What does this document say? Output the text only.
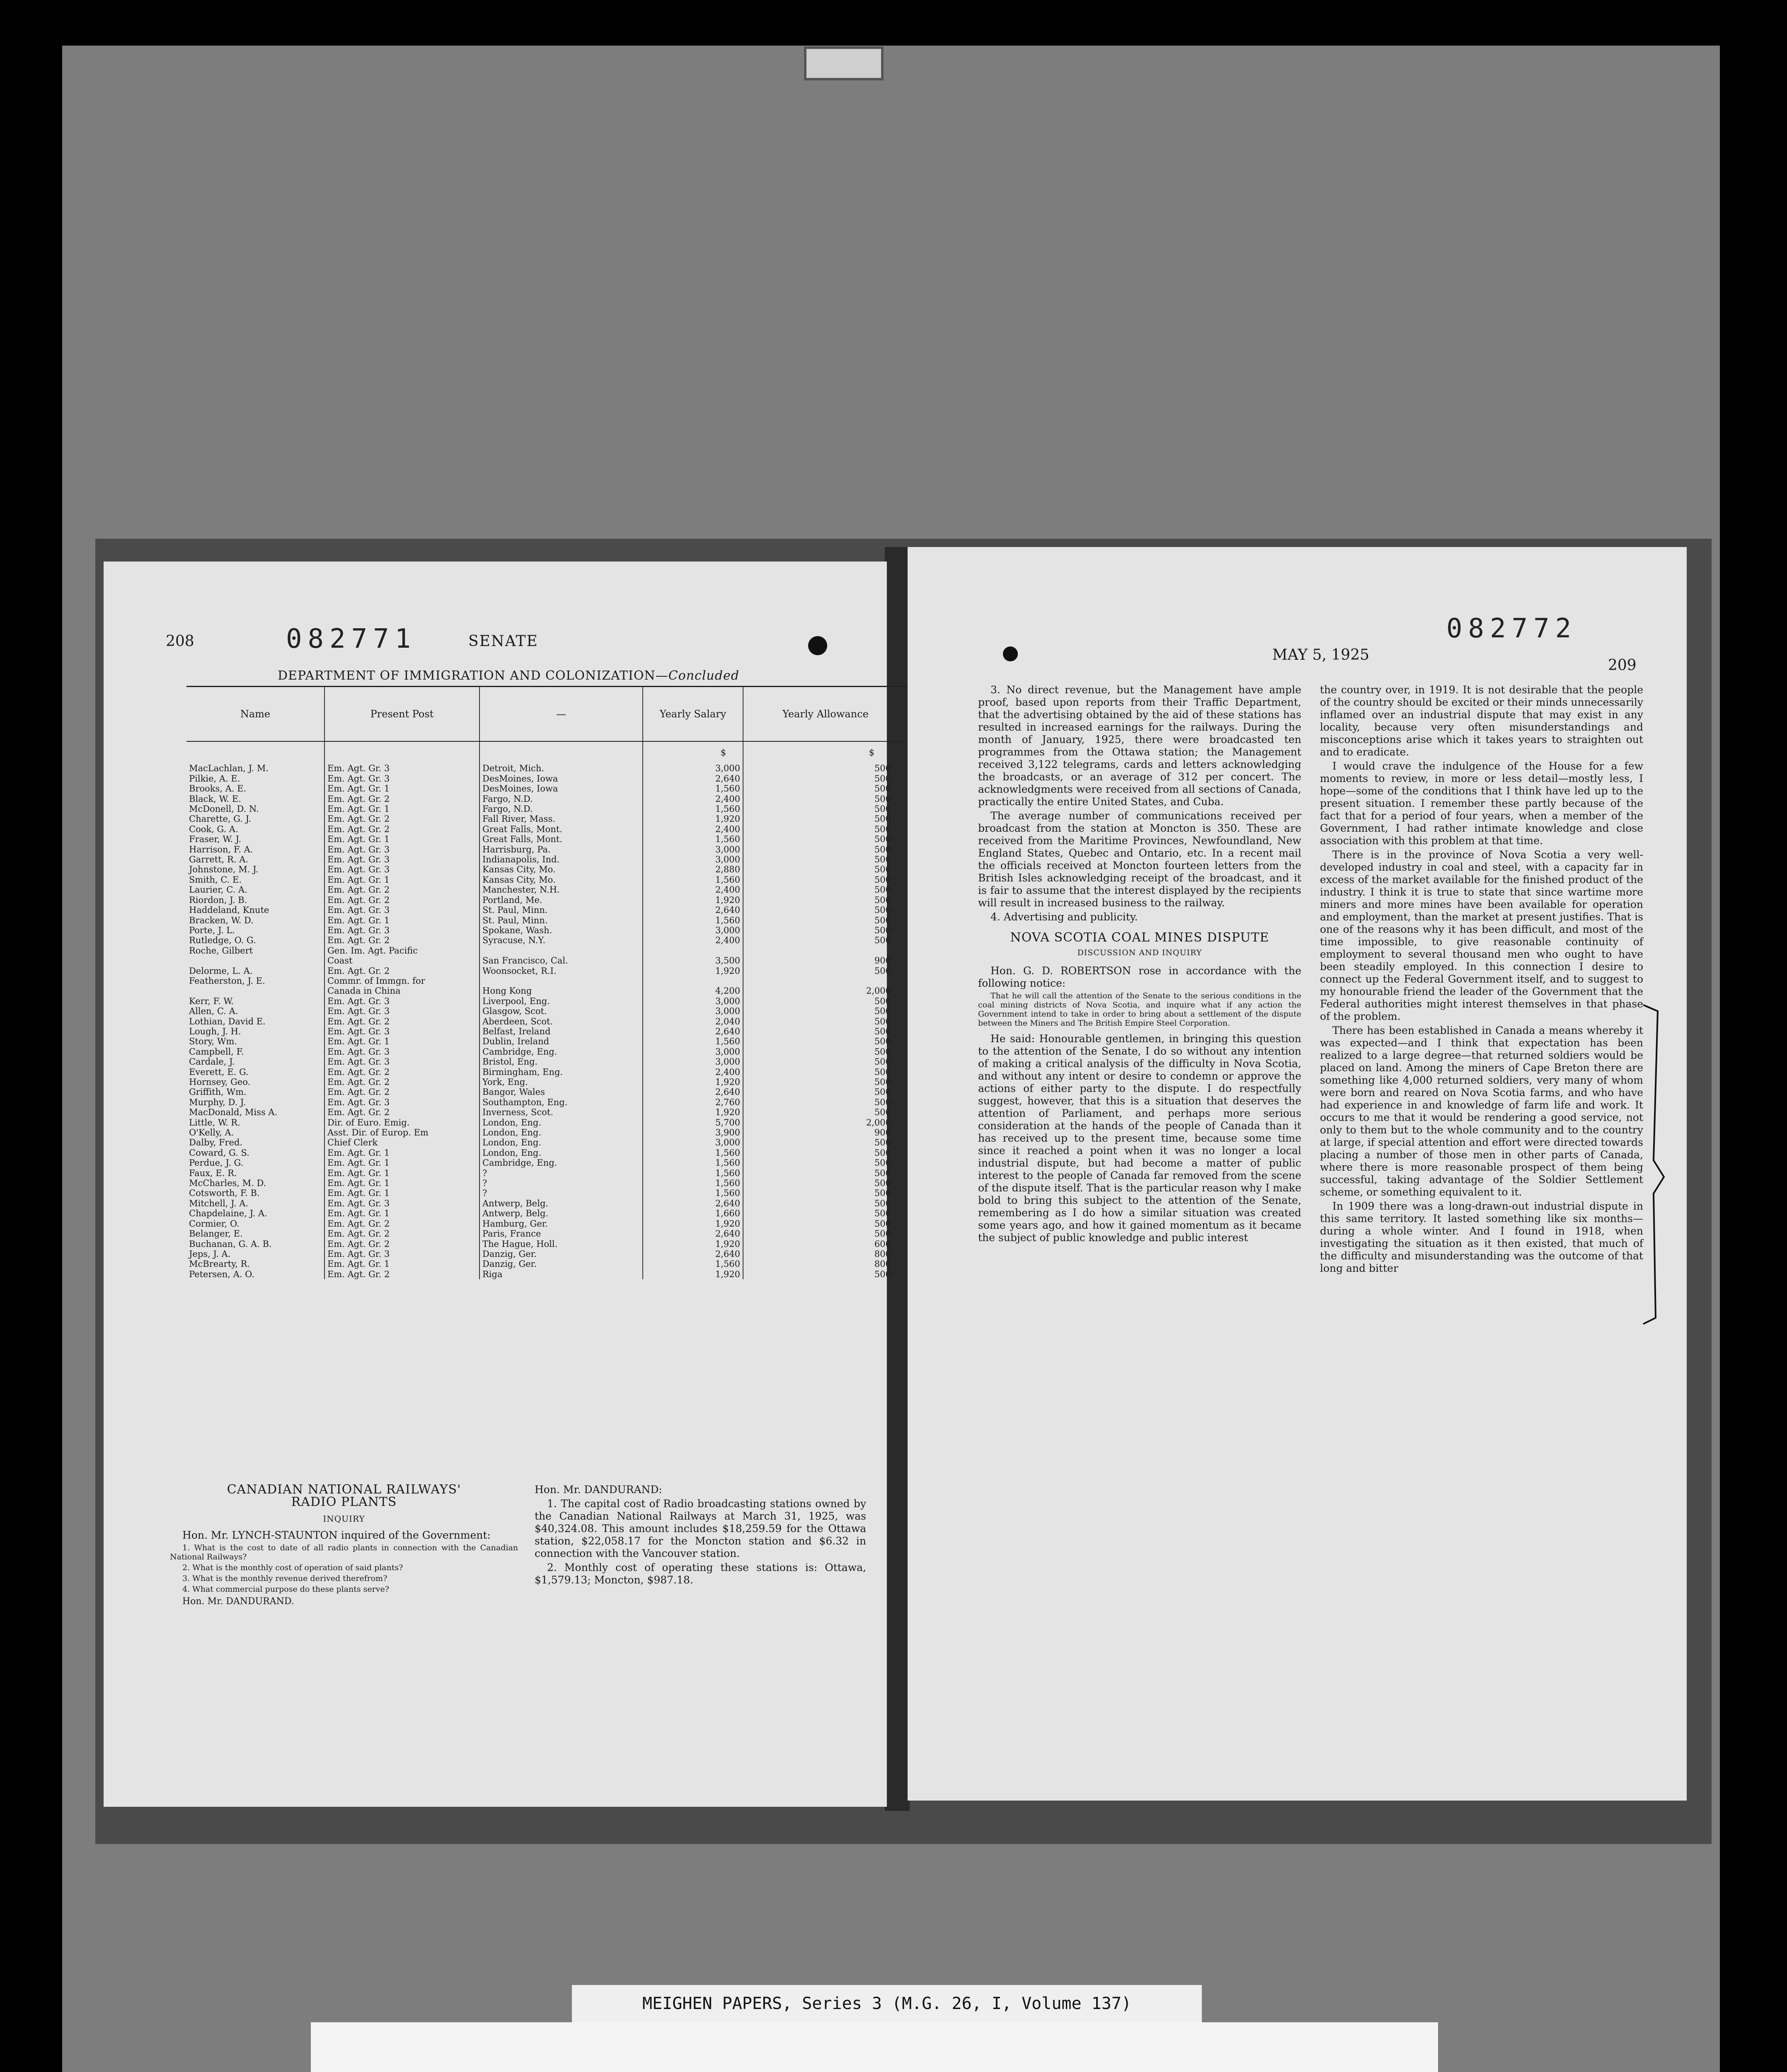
208	082771	SENATE
DEPARTMENT OF IMMIGRATION AND COLONIZATION—Concluded
Name	Present Post	—	Yearly Salary	Yearly Allowance
			$	$
MacLachlan, J. M.	Em. Agt. Gr. 3	Detroit, Mich.	3,000	500
Pilkie, A. E.	Em. Agt. Gr. 3	DesMoines, Iowa	2,640	500
Brooks, A. E.	Em. Agt. Gr. 1	DesMoines, Iowa	1,560	500
Black, W. E.	Em. Agt. Gr. 2	Fargo, N.D.	2,400	500
McDonell, D. N.	Em. Agt. Gr. 1	Fargo, N.D.	1,560	500
Charette, G. J.	Em. Agt. Gr. 2	Fall River, Mass.	1,920	500
Cook, G. A.	Em. Agt. Gr. 2	Great Falls, Mont.	2,400	500
Fraser, W. J.	Em. Agt. Gr. 1	Great Falls, Mont.	1,560	500
Harrison, F. A.	Em. Agt. Gr. 3	Harrisburg, Pa.	3,000	500
Garrett, R. A.	Em. Agt. Gr. 3	Indianapolis, Ind.	3,000	500
Johnstone, M. J.	Em. Agt. Gr. 3	Kansas City, Mo.	2,880	500
Smith, C. E.	Em. Agt. Gr. 1	Kansas City, Mo.	1,560	500
Laurier, C. A.	Em. Agt. Gr. 2	Manchester, N.H.	2,400	500
Riordon, J. B.	Em. Agt. Gr. 2	Portland, Me.	1,920	500
Haddeland, Knute	Em. Agt. Gr. 3	St. Paul, Minn.	2,640	500
Bracken, W. D.	Em. Agt. Gr. 1	St. Paul, Minn.	1,560	500
Porte, J. L.	Em. Agt. Gr. 3	Spokane, Wash.	3,000	500
Rutledge, O. G.	Em. Agt. Gr. 2	Syracuse, N.Y.	2,400	500
Roche, Gilbert	Gen. Im. Agt. Pacific			
	Coast	San Francisco, Cal.	3,500	900
Delorme, L. A.	Em. Agt. Gr. 2	Woonsocket, R.I.	1,920	500
Featherston, J. E.	Commr. of Immgn. for			
	Canada in China	Hong Kong	4,200	2,000
Kerr, F. W.	Em. Agt. Gr. 3	Liverpool, Eng.	3,000	500
Allen, C. A.	Em. Agt. Gr. 3	Glasgow, Scot.	3,000	500
Lothian, David E.	Em. Agt. Gr. 2	Aberdeen, Scot.	2,040	500
Lough, J. H.	Em. Agt. Gr. 3	Belfast, Ireland	2,640	500
Story, Wm.	Em. Agt. Gr. 1	Dublin, Ireland	1,560	500
Campbell, F.	Em. Agt. Gr. 3	Cambridge, Eng.	3,000	500
Cardale, J.	Em. Agt. Gr. 3	Bristol, Eng.	3,000	500
Everett, E. G.	Em. Agt. Gr. 2	Birmingham, Eng.	2,400	500
Hornsey, Geo.	Em. Agt. Gr. 2	York, Eng.	1,920	500
Griffith, Wm.	Em. Agt. Gr. 2	Bangor, Wales	2,640	500
Murphy, D. J.	Em. Agt. Gr. 3	Southampton, Eng.	2,760	500
MacDonald, Miss A.	Em. Agt. Gr. 2	Inverness, Scot.	1,920	500
Little, W. R.	Dir. of Euro. Emig.	London, Eng.	5,700	2,000
O'Kelly, A.	Asst. Dir. of Europ. Em	London, Eng.	3,900	900
Dalby, Fred.	Chief Clerk	London, Eng.	3,000	500
Coward, G. S.	Em. Agt. Gr. 1	London, Eng.	1,560	500
Perdue, J. G.	Em. Agt. Gr. 1	Cambridge, Eng.	1,560	500
Faux, E. R.	Em. Agt. Gr. 1	?	1,560	500
McCharles, M. D.	Em. Agt. Gr. 1	?	1,560	500
Cotsworth, F. B.	Em. Agt. Gr. 1	?	1,560	500
Mitchell, J. A.	Em. Agt. Gr. 3	Antwerp, Belg.	2,640	500
Chapdelaine, J. A.	Em. Agt. Gr. 1	Antwerp, Belg.	1,660	500
Cormier, O.	Em. Agt. Gr. 2	Hamburg, Ger.	1,920	500
Belanger, E.	Em. Agt. Gr. 2	Paris, France	2,640	500
Buchanan, G. A. B.	Em. Agt. Gr. 2	The Hague, Holl.	1,920	600
Jeps, J. A.	Em. Agt. Gr. 3	Danzig, Ger.	2,640	800
McBrearty, R.	Em. Agt. Gr. 1	Danzig, Ger.	1,560	800
Petersen, A. O.	Em. Agt. Gr. 2	Riga	1,920	500
CANADIAN NATIONAL RAILWAYS'
RADIO PLANTS
INQUIRY

Hon. Mr. LYNCH-STAUNTON inquired of the Government:

1. What is the cost to date of all radio plants in connection with the Canadian National Railways?

2. What is the monthly cost of operation of said plants?

3. What is the monthly revenue derived therefrom?

4. What commercial purpose do these plants serve?

Hon. Mr. DANDURAND.

Hon. Mr. DANDURAND:

1. The capital cost of Radio broadcasting stations owned by the Canadian National Railways at March 31, 1925, was $40,324.08. This amount includes $18,259.59 for the Ottawa station, $22,058.17 for the Moncton station and $6.32 in connection with the Vancouver station.

2. Monthly cost of operating these stations is: Ottawa, $1,579.13; Moncton, $987.18.

082772
MAY 5, 1925
209

3. No direct revenue, but the Management have ample proof, based upon reports from their Traffic Department, that the advertising obtained by the aid of these stations has resulted in increased earnings for the railways. During the month of January, 1925, there were broadcasted ten programmes from the Ottawa station; the Management received 3,122 telegrams, cards and letters acknowledging the broadcasts, or an average of 312 per concert. The acknowledgments were received from all sections of Canada, practically the entire United States, and Cuba.

The average number of communications received per broadcast from the station at Moncton is 350. These are received from the Maritime Provinces, Newfoundland, New England States, Quebec and Ontario, etc. In a recent mail the officials received at Moncton fourteen letters from the British Isles acknowledging receipt of the broadcast, and it is fair to assume that the interest displayed by the recipients will result in increased business to the railway.

4. Advertising and publicity.

NOVA SCOTIA COAL MINES DISPUTE
DISCUSSION AND INQUIRY

Hon. G. D. ROBERTSON rose in accordance with the following notice:

That he will call the attention of the Senate to the serious conditions in the coal mining districts of Nova Scotia, and inquire what if any action the Government intend to take in order to bring about a settlement of the dispute between the Miners and The British Empire Steel Corporation.

He said: Honourable gentlemen, in bringing this question to the attention of the Senate, I do so without any intention of making a critical analysis of the difficulty in Nova Scotia, and without any intent or desire to condemn or approve the actions of either party to the dispute. I do respectfully suggest, however, that this is a situation that deserves the attention of Parliament, and perhaps more serious consideration at the hands of the people of Canada than it has received up to the present time, because some time since it reached a point when it was no longer a local industrial dispute, but had become a matter of public interest to the people of Canada far removed from the scene of the dispute itself. That is the particular reason why I make bold to bring this subject to the attention of the Senate, remembering as I do how a similar situation was created some years ago, and how it gained momentum as it became the subject of public knowledge and public interest

the country over, in 1919. It is not desirable that the people of the country should be excited or their minds unnecessarily inflamed over an industrial dispute that may exist in any locality, because very often misunderstandings and misconceptions arise which it takes years to straighten out and to eradicate.

I would crave the indulgence of the House for a few moments to review, in more or less detail—mostly less, I hope—some of the conditions that I think have led up to the present situation. I remember these partly because of the fact that for a period of four years, when a member of the Government, I had rather intimate knowledge and close association with this problem at that time.

There is in the province of Nova Scotia a very well-developed industry in coal and steel, with a capacity far in excess of the market available for the finished product of the industry. I think it is true to state that since wartime more miners and more mines have been available for operation and employment, than the market at present justifies. That is one of the reasons why it has been difficult, and most of the time impossible, to give reasonable continuity of employment to several thousand men who ought to have been steadily employed. In this connection I desire to connect up the Federal Government itself, and to suggest to my honourable friend the leader of the Government that the Federal authorities might interest themselves in that phase of the problem.

There has been established in Canada a means whereby it was expected—and I think that expectation has been realized to a large degree—that returned soldiers would be placed on land. Among the miners of Cape Breton there are something like 4,000 returned soldiers, very many of whom were born and reared on Nova Scotia farms, and who have had experience in and knowledge of farm life and work. It occurs to me that it would be rendering a good service, not only to them but to the whole community and to the country at large, if special attention and effort were directed towards placing a number of those men in other parts of Canada, where there is more reasonable prospect of them being successful, taking advantage of the Soldier Settlement scheme, or something equivalent to it.

In 1909 there was a long-drawn-out industrial dispute in this same territory. It lasted something like six months—during a whole winter. And I found in 1918, when investigating the situation as it then existed, that much of the difficulty and misunderstanding was the outcome of that long and bitter

MEIGHEN PAPERS, Series 3 (M.G. 26, I, Volume 137)
